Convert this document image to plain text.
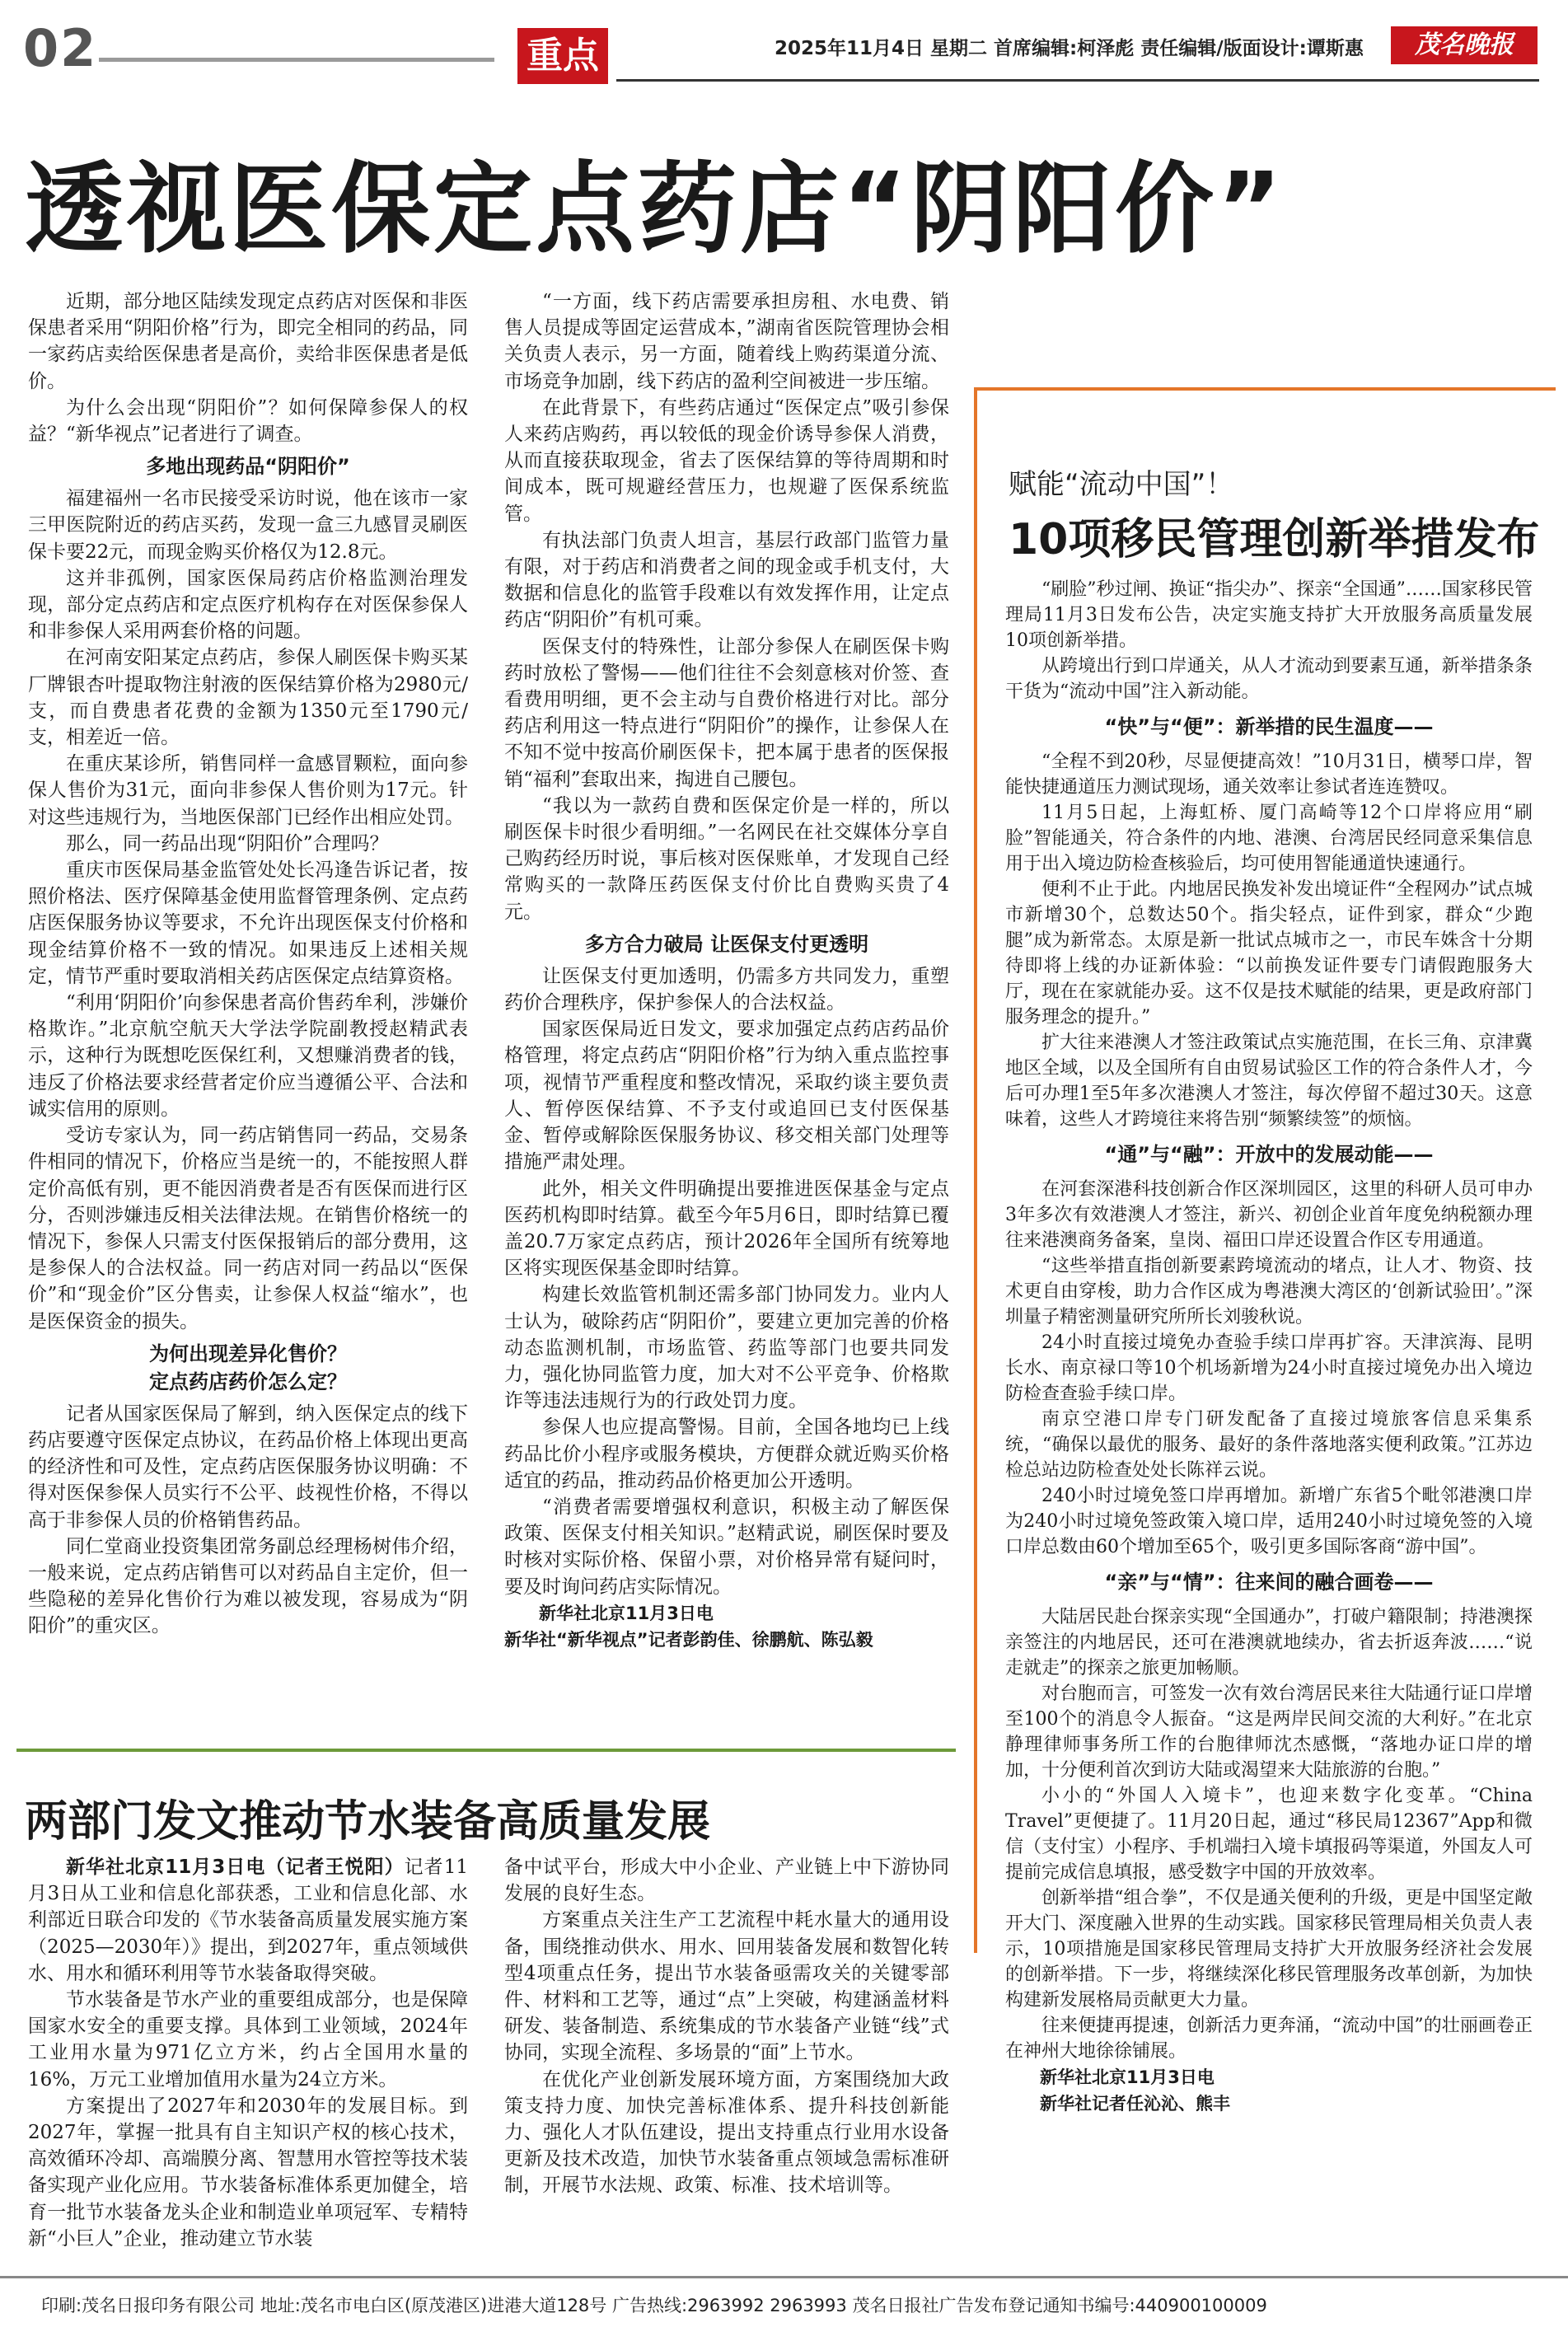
02	重点	2025年11月4日 星期二 首席编辑:柯泽彪 责任编辑/版面设计:谭斯惠	茂名晚报
透视医保定点药店“阴阳价”

近期，部分地区陆续发现定点药店对医保和非医保患者采用“阴阳价格”行为，即完全相同的药品，同一家药店卖给医保患者是高价，卖给非医保患者是低价。

为什么会出现“阴阳价”？如何保障参保人的权益？“新华视点”记者进行了调查。

多地出现药品“阴阳价”

福建福州一名市民接受采访时说，他在该市一家三甲医院附近的药店买药，发现一盒三九感冒灵刷医保卡要22元，而现金购买价格仅为12.8元。

这并非孤例，国家医保局药店价格监测治理发现，部分定点药店和定点医疗机构存在对医保参保人和非参保人采用两套价格的问题。

在河南安阳某定点药店，参保人刷医保卡购买某厂牌银杏叶提取物注射液的医保结算价格为2980元/支，而自费患者花费的金额为1350元至1790元/支，相差近一倍。

在重庆某诊所，销售同样一盒感冒颗粒，面向参保人售价为31元，面向非参保人售价则为17元。针对这些违规行为，当地医保部门已经作出相应处罚。

那么，同一药品出现“阴阳价”合理吗？

重庆市医保局基金监管处处长冯逢告诉记者，按照价格法、医疗保障基金使用监督管理条例、定点药店医保服务协议等要求，不允许出现医保支付价格和现金结算价格不一致的情况。如果违反上述相关规定，情节严重时要取消相关药店医保定点结算资格。

“利用‘阴阳价’向参保患者高价售药牟利，涉嫌价格欺诈。”北京航空航天大学法学院副教授赵精武表示，这种行为既想吃医保红利，又想赚消费者的钱，违反了价格法要求经营者定价应当遵循公平、合法和诚实信用的原则。

受访专家认为，同一药店销售同一药品，交易条件相同的情况下，价格应当是统一的，不能按照人群定价高低有别，更不能因消费者是否有医保而进行区分，否则涉嫌违反相关法律法规。在销售价格统一的情况下，参保人只需支付医保报销后的部分费用，这是参保人的合法权益。同一药店对同一药品以“医保价”和“现金价”区分售卖，让参保人权益“缩水”，也是医保资金的损失。

为何出现差异化售价？
定点药店药价怎么定？

记者从国家医保局了解到，纳入医保定点的线下药店要遵守医保定点协议，在药品价格上体现出更高的经济性和可及性，定点药店医保服务协议明确：不得对医保参保人员实行不公平、歧视性价格，不得以高于非参保人员的价格销售药品。

同仁堂商业投资集团常务副总经理杨树伟介绍，一般来说，定点药店销售可以对药品自主定价，但一些隐秘的差异化售价行为难以被发现，容易成为“阴阳价”的重灾区。

“一方面，线下药店需要承担房租、水电费、销售人员提成等固定运营成本，”湖南省医院管理协会相关负责人表示，另一方面，随着线上购药渠道分流、市场竞争加剧，线下药店的盈利空间被进一步压缩。

在此背景下，有些药店通过“医保定点”吸引参保人来药店购药，再以较低的现金价诱导参保人消费，从而直接获取现金，省去了医保结算的等待周期和时间成本，既可规避经营压力，也规避了医保系统监管。

有执法部门负责人坦言，基层行政部门监管力量有限，对于药店和消费者之间的现金或手机支付，大数据和信息化的监管手段难以有效发挥作用，让定点药店“阴阳价”有机可乘。

医保支付的特殊性，让部分参保人在刷医保卡购药时放松了警惕——他们往往不会刻意核对价签、查看费用明细，更不会主动与自费价格进行对比。部分药店利用这一特点进行“阴阳价”的操作，让参保人在不知不觉中按高价刷医保卡，把本属于患者的医保报销“福利”套取出来，掏进自己腰包。

“我以为一款药自费和医保定价是一样的，所以刷医保卡时很少看明细。”一名网民在社交媒体分享自己购药经历时说，事后核对医保账单，才发现自己经常购买的一款降压药医保支付价比自费购买贵了4元。

多方合力破局 让医保支付更透明

让医保支付更加透明，仍需多方共同发力，重塑药价合理秩序，保护参保人的合法权益。

国家医保局近日发文，要求加强定点药店药品价格管理，将定点药店“阴阳价格”行为纳入重点监控事项，视情节严重程度和整改情况，采取约谈主要负责人、暂停医保结算、不予支付或追回已支付医保基金、暂停或解除医保服务协议、移交相关部门处理等措施严肃处理。

此外，相关文件明确提出要推进医保基金与定点医药机构即时结算。截至今年5月6日，即时结算已覆盖20.7万家定点药店，预计2026年全国所有统筹地区将实现医保基金即时结算。

构建长效监管机制还需多部门协同发力。业内人士认为，破除药店“阴阳价”，要建立更加完善的价格动态监测机制，市场监管、药监等部门也要共同发力，强化协同监管力度，加大对不公平竞争、价格欺诈等违法违规行为的行政处罚力度。

参保人也应提高警惕。目前，全国各地均已上线药品比价小程序或服务模块，方便群众就近购买价格适宜的药品，推动药品价格更加公开透明。

“消费者需要增强权利意识，积极主动了解医保政策、医保支付相关知识。”赵精武说，刷医保时要及时核对实际价格、保留小票，对价格异常有疑问时，要及时询问药店实际情况。

新华社北京11月3日电
新华社“新华视点”记者彭韵佳、徐鹏航、陈弘毅
赋能“流动中国”！
10项移民管理创新举措发布

“刷脸”秒过闸、换证“指尖办”、探亲“全国通”……国家移民管理局11月3日发布公告，决定实施支持扩大开放服务高质量发展10项创新举措。

从跨境出行到口岸通关，从人才流动到要素互通，新举措条条干货为“流动中国”注入新动能。

“快”与“便”：新举措的民生温度——

“全程不到20秒，尽显便捷高效！”10月31日，横琴口岸，智能快捷通道压力测试现场，通关效率让参试者连连赞叹。

11月5日起，上海虹桥、厦门高崎等12个口岸将应用“刷脸”智能通关，符合条件的内地、港澳、台湾居民经同意采集信息用于出入境边防检查核验后，均可使用智能通道快速通行。

便利不止于此。内地居民换发补发出境证件“全程网办”试点城市新增30个，总数达50个。指尖轻点，证件到家，群众“少跑腿”成为新常态。太原是新一批试点城市之一，市民车姝含十分期待即将上线的办证新体验：“以前换发证件要专门请假跑服务大厅，现在在家就能办妥。这不仅是技术赋能的结果，更是政府部门服务理念的提升。”

扩大往来港澳人才签注政策试点实施范围，在长三角、京津冀地区全域，以及全国所有自由贸易试验区工作的符合条件人才，今后可办理1至5年多次港澳人才签注，每次停留不超过30天。这意味着，这些人才跨境往来将告别“频繁续签”的烦恼。

“通”与“融”：开放中的发展动能——

在河套深港科技创新合作区深圳园区，这里的科研人员可申办3年多次有效港澳人才签注，新兴、初创企业首年度免纳税额办理往来港澳商务备案，皇岗、福田口岸还设置合作区专用通道。

“这些举措直指创新要素跨境流动的堵点，让人才、物资、技术更自由穿梭，助力合作区成为粤港澳大湾区的‘创新试验田’。”深圳量子精密测量研究所所长刘骏秋说。

24小时直接过境免办查验手续口岸再扩容。天津滨海、昆明长水、南京禄口等10个机场新增为24小时直接过境免办出入境边防检查查验手续口岸。

南京空港口岸专门研发配备了直接过境旅客信息采集系统，“确保以最优的服务、最好的条件落地落实便利政策。”江苏边检总站边防检查处处长陈祥云说。

240小时过境免签口岸再增加。新增广东省5个毗邻港澳口岸为240小时过境免签政策入境口岸，适用240小时过境免签的入境口岸总数由60个增加至65个，吸引更多国际客商“游中国”。

“亲”与“情”：往来间的融合画卷——

大陆居民赴台探亲实现“全国通办”，打破户籍限制；持港澳探亲签注的内地居民，还可在港澳就地续办，省去折返奔波……“说走就走”的探亲之旅更加畅顺。

对台胞而言，可签发一次有效台湾居民来往大陆通行证口岸增至100个的消息令人振奋。“这是两岸民间交流的大利好。”在北京静理律师事务所工作的台胞律师沈杰感慨，“落地办证口岸的增加，十分便利首次到访大陆或渴望来大陆旅游的台胞。”

小小的“外国人入境卡”，也迎来数字化变革。“China Travel”更便捷了。11月20日起，通过“移民局12367”App和微信（支付宝）小程序、手机端扫入境卡填报码等渠道，外国友人可提前完成信息填报，感受数字中国的开放效率。

创新举措“组合拳”，不仅是通关便利的升级，更是中国坚定敞开大门、深度融入世界的生动实践。国家移民管理局相关负责人表示，10项措施是国家移民管理局支持扩大开放服务经济社会发展的创新举措。下一步，将继续深化移民管理服务改革创新，为加快构建新发展格局贡献更大力量。

往来便捷再提速，创新活力更奔涌，“流动中国”的壮丽画卷正在神州大地徐徐铺展。

新华社北京11月3日电
新华社记者任沁沁、熊丰
两部门发文推动节水装备高质量发展

新华社北京11月3日电（记者王悦阳）记者11月3日从工业和信息化部获悉，工业和信息化部、水利部近日联合印发的《节水装备高质量发展实施方案（2025—2030年）》提出，到2027年，重点领域供水、用水和循环利用等节水装备取得突破。

节水装备是节水产业的重要组成部分，也是保障国家水安全的重要支撑。具体到工业领域，2024年工业用水量为971亿立方米，约占全国用水量的16%，万元工业增加值用水量为24立方米。

方案提出了2027年和2030年的发展目标。到2027年，掌握一批具有自主知识产权的核心技术，高效循环冷却、高端膜分离、智慧用水管控等技术装备实现产业化应用。节水装备标准体系更加健全，培育一批节水装备龙头企业和制造业单项冠军、专精特新“小巨人”企业，推动建立节水装

备中试平台，形成大中小企业、产业链上中下游协同发展的良好生态。

方案重点关注生产工艺流程中耗水量大的通用设备，围绕推动供水、用水、回用装备发展和数智化转型4项重点任务，提出节水装备亟需攻关的关键零部件、材料和工艺等，通过“点”上突破，构建涵盖材料研发、装备制造、系统集成的节水装备产业链“线”式协同，实现全流程、多场景的“面”上节水。

在优化产业创新发展环境方面，方案围绕加大政策支持力度、加快完善标准体系、提升科技创新能力、强化人才队伍建设，提出支持重点行业用水设备更新及技术改造，加快节水装备重点领域急需标准研制，开展节水法规、政策、标准、技术培训等。

印刷:茂名日报印务有限公司 地址:茂名市电白区(原茂港区)进港大道128号 广告热线:2963992 2963993 茂名日报社广告发布登记通知书编号:440900100009
